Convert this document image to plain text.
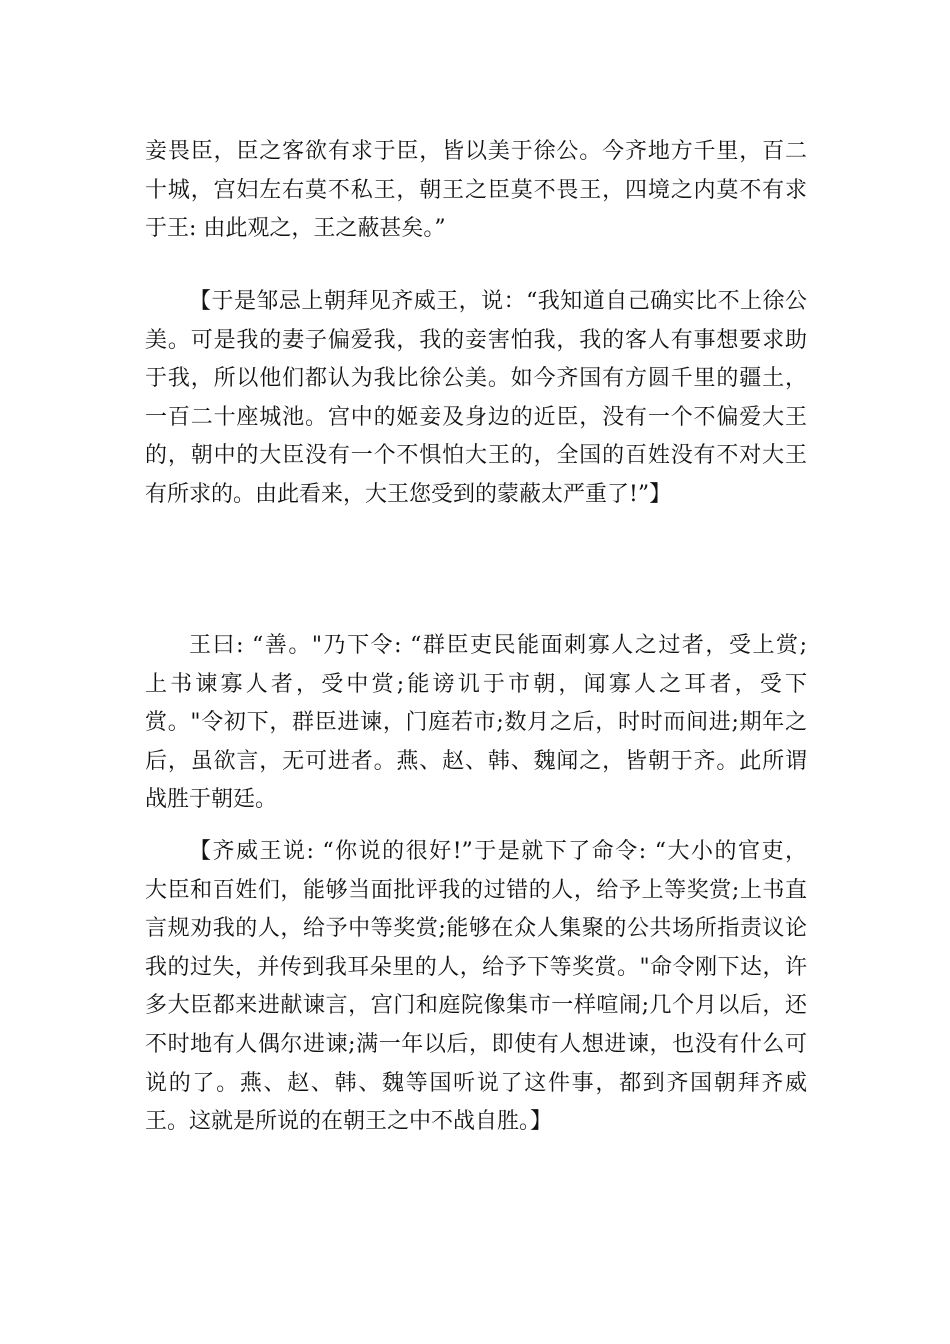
妾畏臣，臣之客欲有求于臣，皆以美于徐公。今齐地方千里，百二
十城，宫妇左右莫不私王，朝王之臣莫不畏王，四境之内莫不有求
于王: 由此观之，王之蔽甚矣。”
【于是邹忌上朝拜见齐威王，说：“我知道自己确实比不上徐公
美。可是我的妻子偏爱我，我的妾害怕我，我的客人有事想要求助
于我，所以他们都认为我比徐公美。如今齐国有方圆千里的疆土，
一百二十座城池。宫中的姬妾及身边的近臣，没有一个不偏爱大王
的，朝中的大臣没有一个不惧怕大王的，全国的百姓没有不对大王
有所求的。由此看来，大王您受到的蒙蔽太严重了!”】
王曰: “善。"乃下令: “群臣吏民能面刺寡人之过者，受上赏;
上书谏寡人者，受中赏;能谤讥于市朝，闻寡人之耳者，受下
赏。"令初下，群臣进谏，门庭若市;数月之后，时时而间进;期年之
后，虽欲言，无可进者。燕、赵、韩、魏闻之，皆朝于齐。此所谓
战胜于朝廷。
【齐威王说: “你说的很好!”于是就下了命令: “大小的官吏，
大臣和百姓们，能够当面批评我的过错的人，给予上等奖赏;上书直
言规劝我的人，给予中等奖赏;能够在众人集聚的公共场所指责议论
我的过失，并传到我耳朵里的人，给予下等奖赏。"命令刚下达，许
多大臣都来进献谏言，宫门和庭院像集市一样喧闹;几个月以后，还
不时地有人偶尔进谏;满一年以后，即使有人想进谏，也没有什么可
说的了。燕、赵、韩、魏等国听说了这件事，都到齐国朝拜齐威
王。这就是所说的在朝王之中不战自胜。】
